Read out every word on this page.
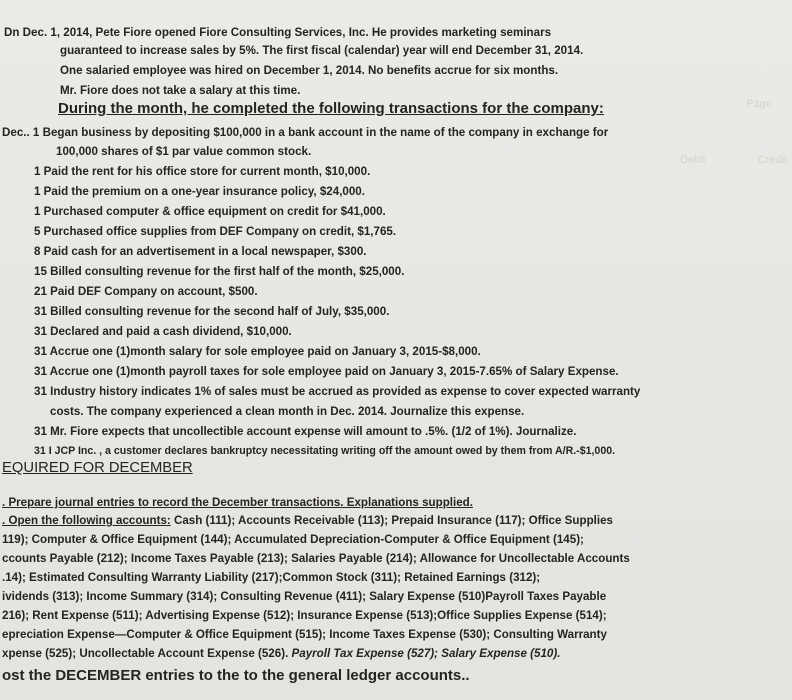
Page
Debit	Credit
Dn Dec. 1, 2014, Pete Fiore opened Fiore Consulting Services, Inc. He provides marketing seminars
guaranteed to increase sales by 5%. The first fiscal (calendar) year will end December 31, 2014.
One salaried employee was hired on December 1, 2014. No benefits accrue for six months.
Mr. Fiore does not take a salary at this time.
During the month, he completed the following transactions for the company:
Dec.. 1 Began business by depositing $100,000 in a bank account in the name of the company in exchange for
100,000 shares of $1 par value common stock.
1 Paid the rent for his office store for current month, $10,000.
1 Paid the premium on a one-year insurance policy, $24,000.
1 Purchased computer & office equipment on credit for $41,000.
5 Purchased office supplies from DEF Company on credit, $1,765.
8 Paid cash for an advertisement in a local newspaper, $300.
15 Billed consulting revenue for the first half of the month, $25,000.
21 Paid DEF Company on account, $500.
31 Billed consulting revenue for the second half of July, $35,000.
31 Declared and paid a cash dividend, $10,000.
31 Accrue one (1)month salary for sole employee paid on January 3, 2015-$8,000.
31 Accrue one (1)month payroll taxes for sole employee paid on January 3, 2015-7.65% of Salary Expense.
31 Industry history indicates 1% of sales must be accrued as provided as expense to cover expected warranty
costs. The company experienced a clean month in Dec. 2014. Journalize this expense.
31 Mr. Fiore expects that uncollectible account expense will amount to .5%. (1/2 of 1%). Journalize.
31 I JCP Inc. , a customer declares bankruptcy necessitating writing off the amount owed by them from A/R.-$1,000.
EQUIRED FOR DECEMBER
. Prepare journal entries to record the December transactions. Explanations supplied.
. Open the following accounts: Cash (111); Accounts Receivable (113); Prepaid Insurance (117); Office Supplies
119); Computer & Office Equipment (144); Accumulated Depreciation-Computer & Office Equipment (145);
ccounts Payable (212); Income Taxes Payable (213); Salaries Payable (214); Allowance for Uncollectable Accounts
.14); Estimated Consulting Warranty Liability (217);Common Stock (311); Retained Earnings (312);
ividends (313); Income Summary (314); Consulting Revenue (411); Salary Expense (510)Payroll Taxes Payable
216); Rent Expense (511); Advertising Expense (512); Insurance Expense (513);Office Supplies Expense (514);
epreciation Expense—Computer & Office Equipment (515); Income Taxes Expense (530); Consulting Warranty
xpense (525); Uncollectable Account Expense (526). Payroll Tax Expense (527); Salary Expense (510).
ost the DECEMBER entries to the to the general ledger accounts..
